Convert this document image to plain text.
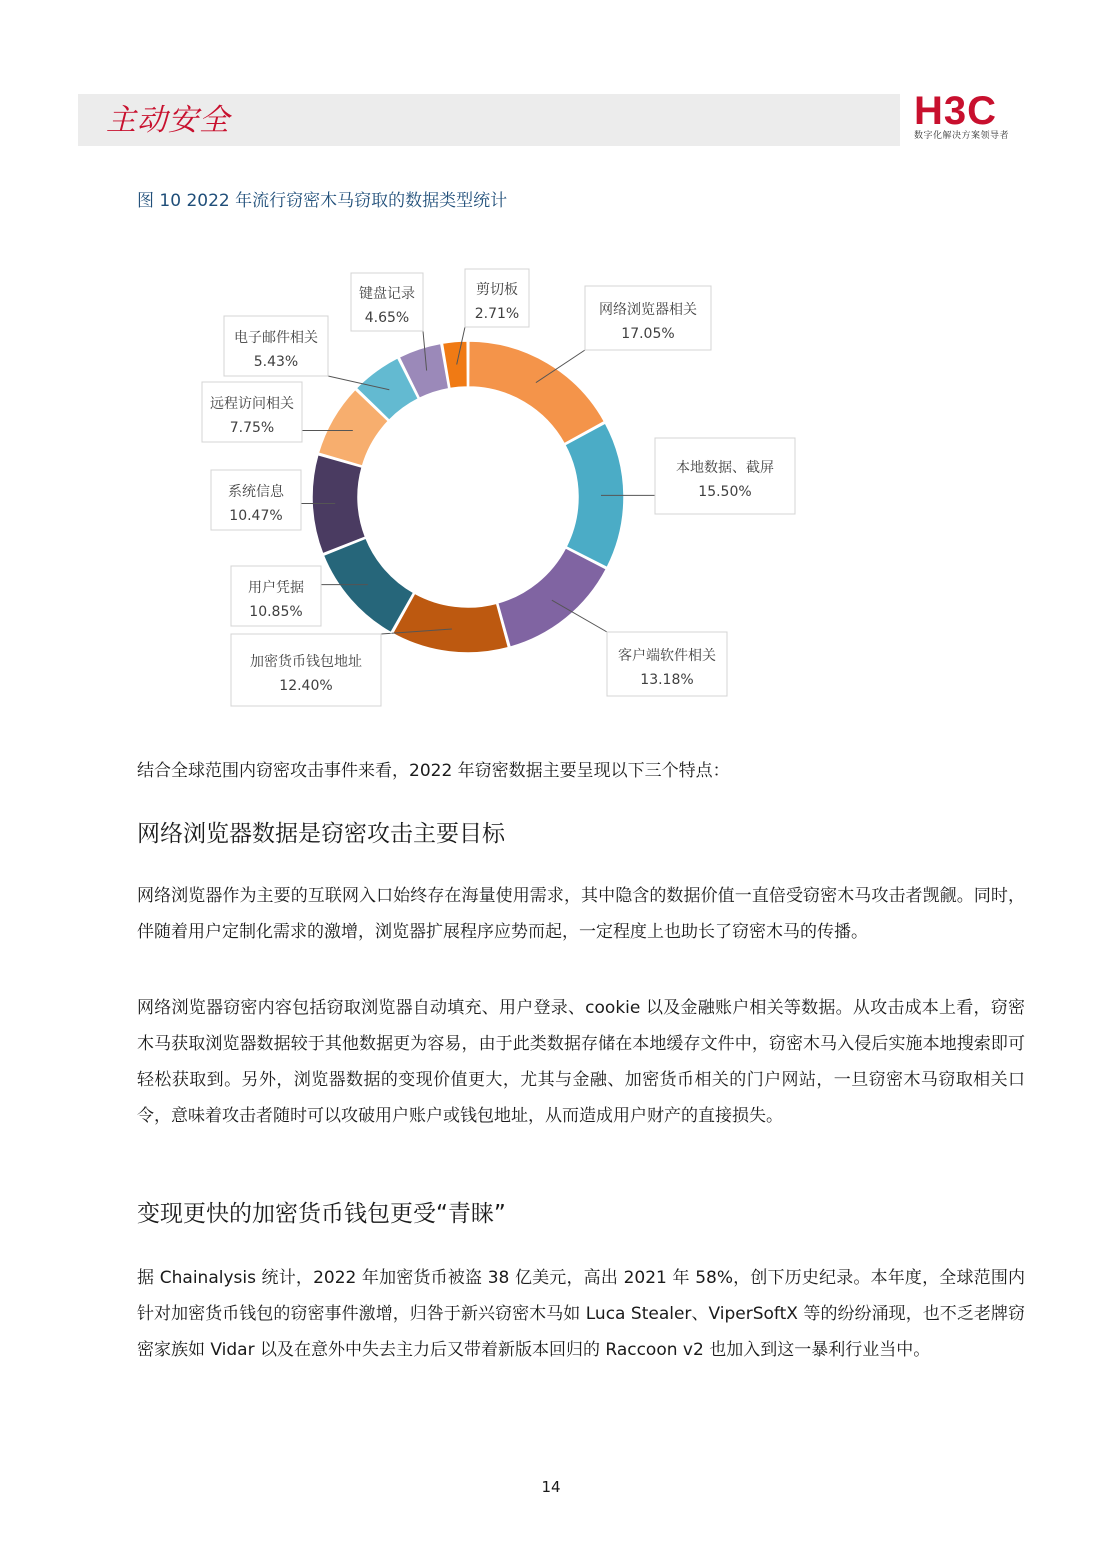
主动安全	H3C
数字化解决方案领导者
图 10 2022 年流行窃密木马窃取的数据类型统计
网络浏览器相关
17.05%
本地数据、截屏
15.50%
客户端软件相关
13.18%
加密货币钱包地址
12.40%
用户凭据
10.85%
系统信息
10.47%
远程访问相关
7.75%
电子邮件相关
5.43%
键盘记录
4.65%
剪切板
2.71%
结合全球范围内窃密攻击事件来看，2022 年窃密数据主要呈现以下三个特点：
网络浏览器数据是窃密攻击主要目标
网络浏览器作为主要的互联网入口始终存在海量使用需求，其中隐含的数据价值一直倍受窃密木马攻击者觊觎。同时，伴随着用户定制化需求的激增，浏览器扩展程序应势而起，一定程度上也助长了窃密木马的传播。
网络浏览器窃密内容包括窃取浏览器自动填充、用户登录、cookie 以及金融账户相关等数据。从攻击成本上看，窃密木马获取浏览器数据较于其他数据更为容易，由于此类数据存储在本地缓存文件中，窃密木马入侵后实施本地搜索即可轻松获取到。另外，浏览器数据的变现价值更大，尤其与金融、加密货币相关的门户网站，一旦窃密木马窃取相关口令，意味着攻击者随时可以攻破用户账户或钱包地址，从而造成用户财产的直接损失。
变现更快的加密货币钱包更受“青睐”
据 Chainalysis 统计，2022 年加密货币被盗 38 亿美元，高出 2021 年 58%，创下历史纪录。本年度，全球范围内针对加密货币钱包的窃密事件激增，归咎于新兴窃密木马如 Luca Stealer、ViperSoftX 等的纷纷涌现，也不乏老牌窃密家族如 Vidar 以及在意外中失去主力后又带着新版本回归的 Raccoon v2 也加入到这一暴利行业当中。
14
